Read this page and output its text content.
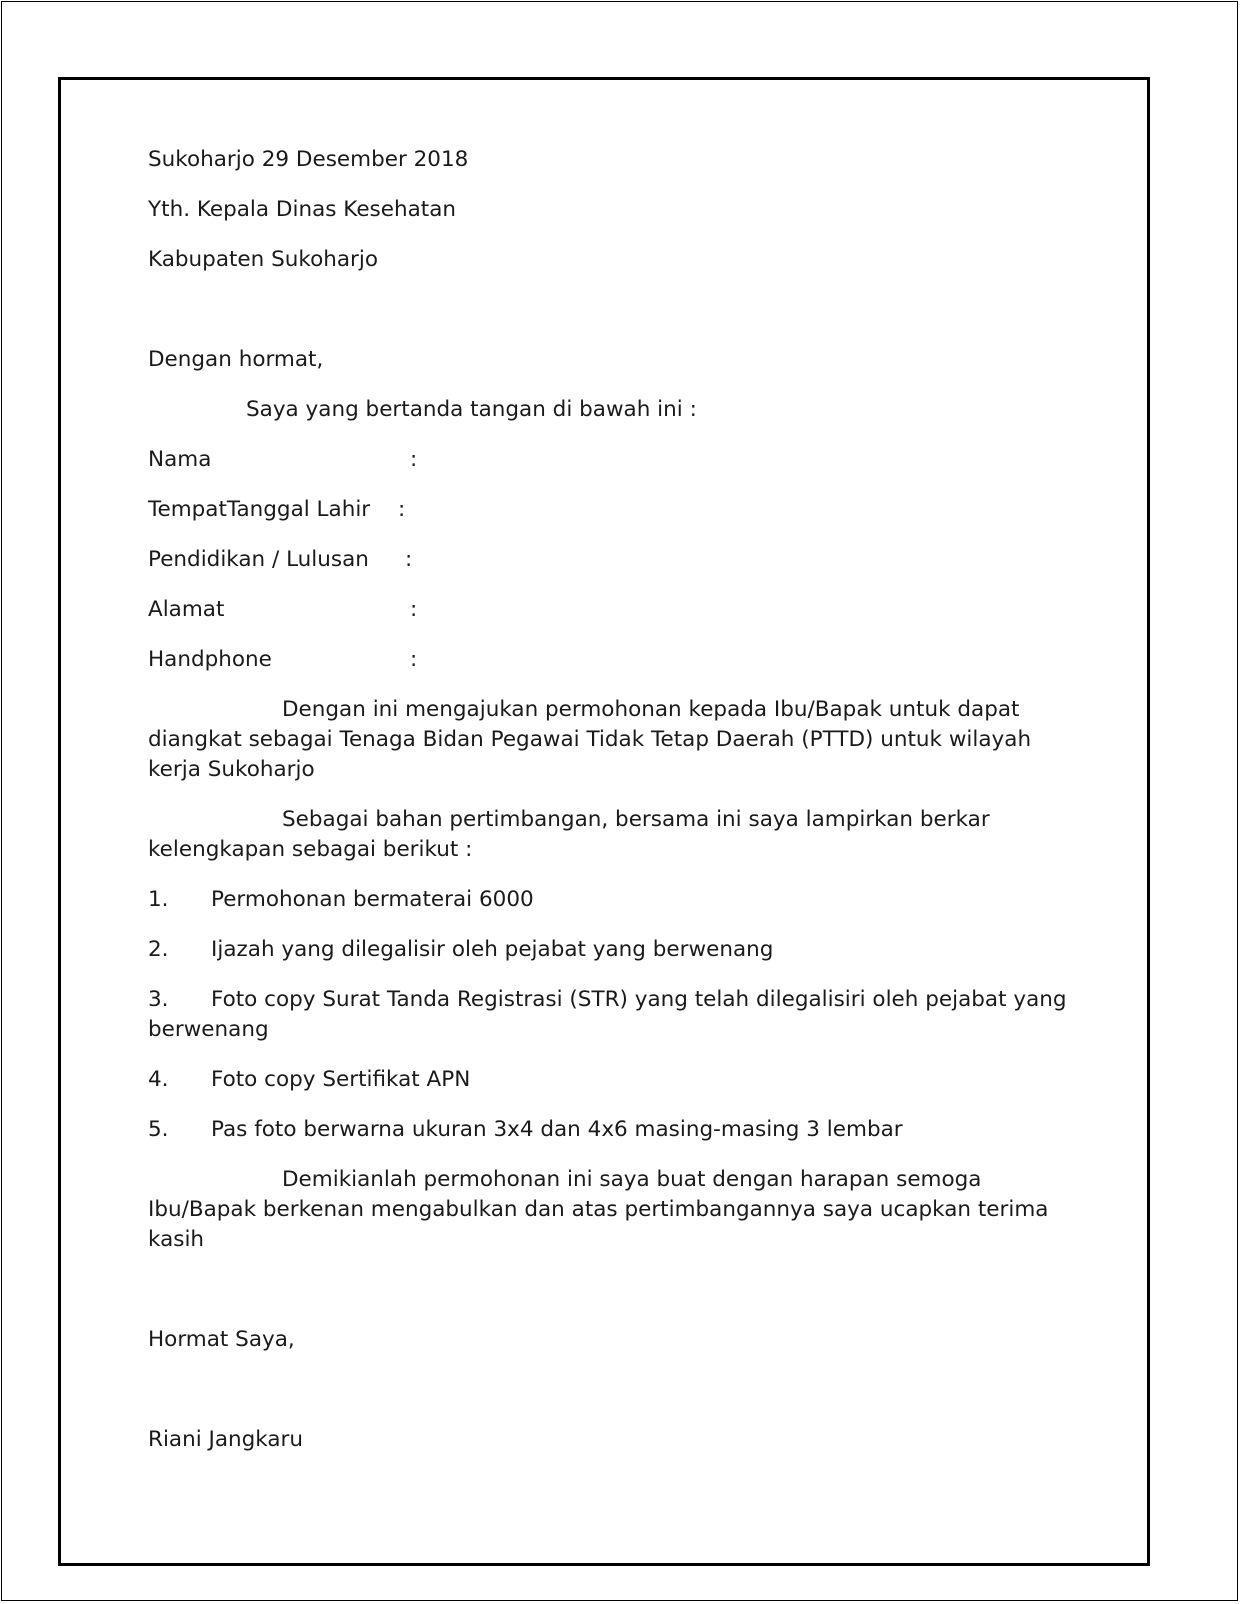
Sukoharjo 29 Desember 2018
Yth. Kepala Dinas Kesehatan
Kabupaten Sukoharjo
Dengan hormat,
Saya yang bertanda tangan di bawah ini :
Nama	:
TempatTanggal Lahir :
Pendidikan / Lulusan :
Alamat	:
Handphone	:
Dengan ini mengajukan permohonan kepada Ibu/Bapak untuk dapat diangkat sebagai Tenaga Bidan Pegawai Tidak Tetap Daerah (PTTD) untuk wilayah kerja Sukoharjo
Sebagai bahan pertimbangan, bersama ini saya lampirkan berkar kelengkapan sebagai berikut :
1. Permohonan bermaterai 6000
2. Ijazah yang dilegalisir oleh pejabat yang berwenang
3. Foto copy Surat Tanda Registrasi (STR) yang telah dilegalisiri oleh pejabat yang berwenang
4. Foto copy Sertifikat APN
5. Pas foto berwarna ukuran 3x4 dan 4x6 masing-masing 3 lembar
Demikianlah permohonan ini saya buat dengan harapan semoga Ibu/Bapak berkenan mengabulkan dan atas pertimbangannya saya ucapkan terima kasih
Hormat Saya,
Riani Jangkaru
